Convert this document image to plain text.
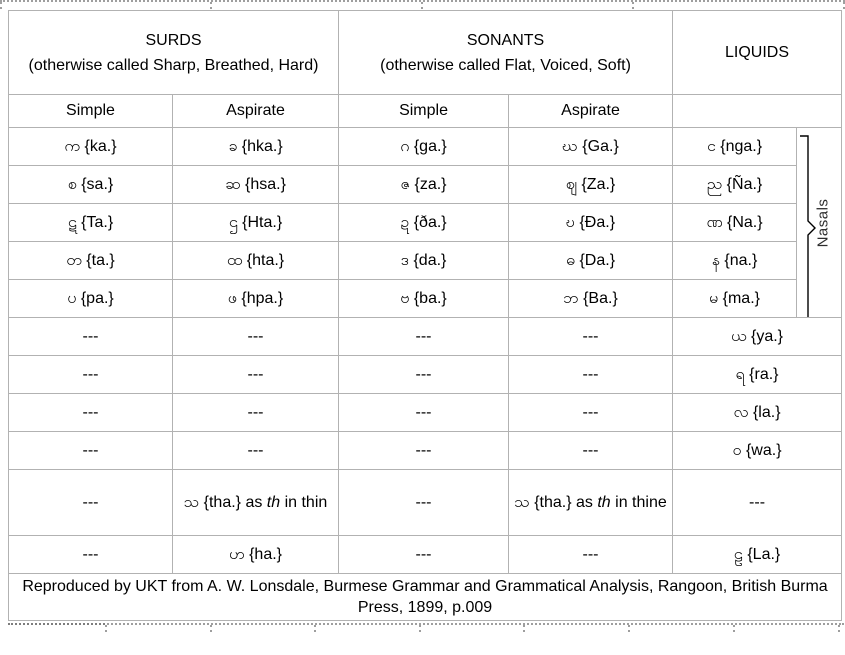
SURDS
(otherwise called Sharp, Breathed, Hard)

SONANTS
(otherwise called Flat, Voiced, Soft)

LIQUIDS

Simple	Aspirate	Simple	Aspirate		
က {ka.}	ခ {hka.}	ဂ {ga.}	ဃ {Ga.}	င {nga.}	Nasals

စ {sa.}	ဆ {hsa.}	ဇ {za.}	ဈ {Za.}	ည {Ña.}	
ဋ {Ta.}	ဌ {Hta.}	ဍ {ða.}	ဎ {Ða.}	ဏ {Na.}	
တ {ta.}	ထ {hta.}	ဒ {da.}	ဓ {Da.}	န {na.}	
ပ {pa.}	ဖ {hpa.}	ဗ {ba.}	ဘ {Ba.}	မ {ma.}	
---	---	---	---	ယ {ya.}	
---	---	---	---	ရ {ra.}	
---	---	---	---	လ {la.}	
---	---	---	---	ဝ {wa.}	
---	သ {tha.} as th in thin	---	သ {tha.} as th in thine	---	
---	ဟ {ha.}	---	---	ဠ {La.}	
Reproduced by UKT from A. W. Lonsdale, Burmese Grammar and Grammatical Analysis, Rangoon, British Burma Press, 1899, p.009					
